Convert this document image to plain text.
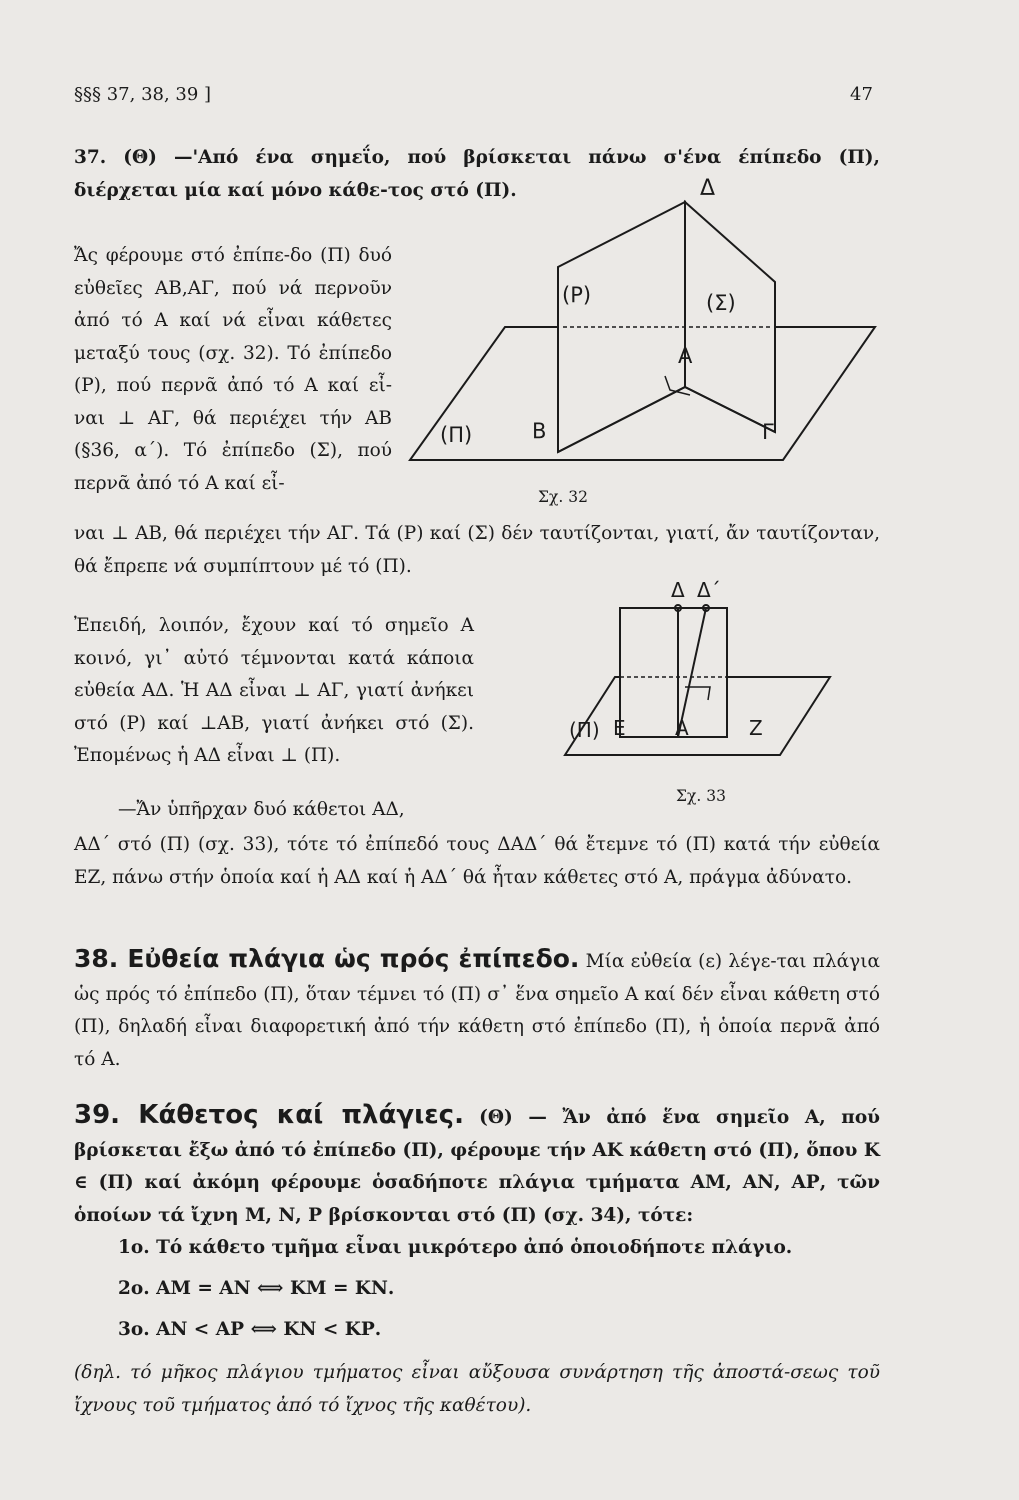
§§§ 37, 38, 39 ]	47

37. (Θ) —'Από ένα σημεΐο, πού βρίσκεται πάνω σ'ένα έπίπεδο (Π), διέρχεται μία καί μόνο κάθε-τος στό (Π).

Ἄς φέρουμε στό ἐπίπε-δο (Π) δυό εὐθεῖες ΑΒ,ΑΓ, πού νά περνοῦν ἀπό τό Α καί νά εἶναι κάθετες μεταξύ τους (σχ. 32). Τό ἐπίπεδο (Ρ), πού περνᾶ ἀπό τό Α καί εἶ-ναι ⊥ ΑΓ, θά περιέχει τήν ΑΒ (§36, α΄). Τό ἐπίπεδο (Σ), πού περνᾶ ἀπό τό Α καί εἶ-

Δ
(Ρ)	(Σ)
Α
Β	Γ
(Π)
Σχ. 32

ναι ⊥ ΑΒ, θά περιέχει τήν ΑΓ. Τά (Ρ) καί (Σ) δέν ταυτίζονται, γιατί, ἄν ταυτίζονταν, θά ἔπρεπε νά συμπίπτουν μέ τό (Π).

Ἐπειδή, λοιπόν, ἔχουν καί τό σημεῖο Α κοινό, γι᾽ αὐτό τέμνονται κατά κάποια εὐθεία ΑΔ. Ἡ ΑΔ εἶναι ⊥ ΑΓ, γιατί ἀνήκει στό (Ρ) καί ⊥ΑΒ, γιατί ἀνήκει στό (Σ). Ἐπομένως ἡ ΑΔ εἶναι ⊥ (Π).

—Ἄν ὑπῆρχαν δυό κάθετοι ΑΔ,

Δ Δ΄
(Π) Ε Α	Ζ
Σχ. 33

ΑΔ΄ στό (Π) (σχ. 33), τότε τό ἐπίπεδό τους ΔΑΔ΄ θά ἔτεμνε τό (Π) κατά τήν εὐθεία ΕΖ, πάνω στήν ὁποία καί ἡ ΑΔ καί ἡ ΑΔ΄ θά ἦταν κάθετες στό Α, πράγμα ἀδύνατο.

38. Εὐθεία πλάγια ὡς πρός ἐπίπεδο. Μία εὐθεία (ε) λέγε-ται πλάγια ὡς πρός τό ἐπίπεδο (Π), ὅταν τέμνει τό (Π) σ᾽ ἕνα σημεῖο Α καί δέν εἶναι κάθετη στό (Π), δηλαδή εἶναι διαφορετική ἀπό τήν κάθετη στό ἐπίπεδο (Π), ἡ ὁποία περνᾶ ἀπό τό Α.

39. Κάθετος καί πλάγιες. (Θ) — Ἄν ἀπό ἕνα σημεῖο Α, πού βρίσκεται ἔξω ἀπό τό ἐπίπεδο (Π), φέρουμε τήν ΑΚ κάθετη στό (Π), ὅπου Κ ∈ (Π) καί ἀκόμη φέρουμε ὁσαδήποτε πλάγια τμήματα ΑΜ, ΑΝ, ΑΡ, τῶν ὁποίων τά ἴχνη Μ, Ν, Ρ βρίσκονται στό (Π) (σχ. 34), τότε:

1ο. Τό κάθετο τμῆμα εἶναι μικρότερο ἀπό ὁποιοδήποτε πλάγιο.

2ο. ΑΜ = ΑΝ ⟺ ΚΜ = ΚΝ.

3ο. ΑΝ < ΑΡ ⟺ ΚΝ < ΚΡ.

(δηλ. τό μῆκος πλάγιου τμήματος εἶναι αὔξουσα συνάρτηση τῆς ἀποστά-σεως τοῦ ἴχνους τοῦ τμήματος ἀπό τό ἴχνος τῆς καθέτου).
